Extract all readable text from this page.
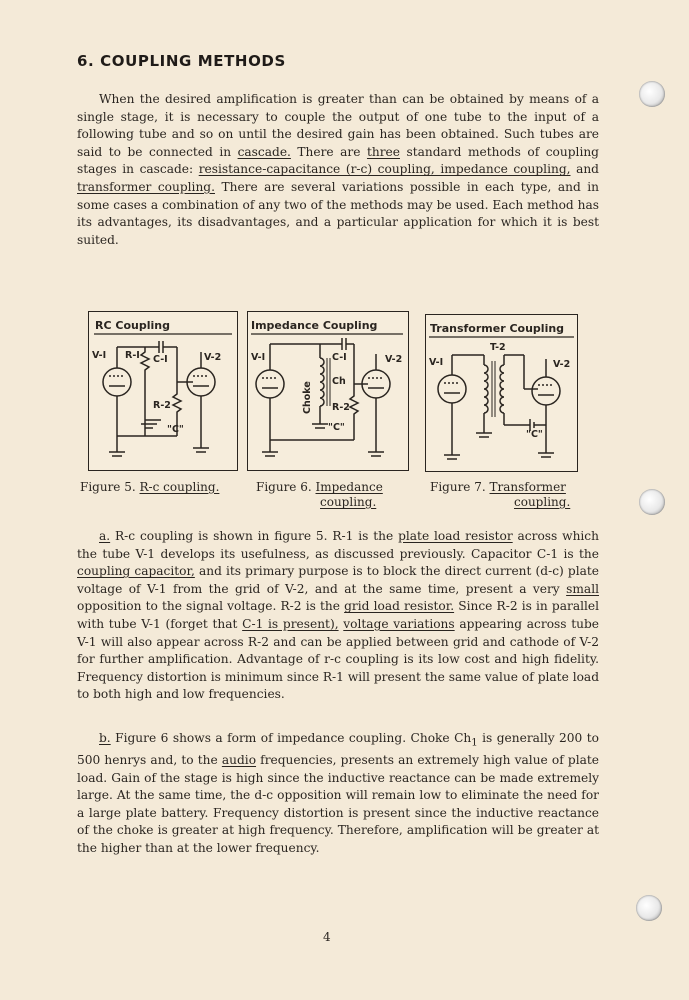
6. COUPLING METHODS

When the desired amplification is greater than can be obtained by means of a single stage, it is necessary to couple the output of one tube to the input of a following tube and so on until the desired gain has been obtained. Such tubes are said to be connected in cascade. There are three standard methods of coupling stages in cascade: resistance-capacitance (r-c) coupling, impedance coupling, and transformer coupling. There are several variations possible in each type, and in some cases a combination of any two of the methods may be used. Each method has its advantages, its disadvantages, and a particular application for which it is best suited.

RC Coupling
V-I R-I C-I	V-2
R-2
"C"

Figure 5. R-c coupling.

Impedance Coupling
V-I	C-I	V-2
Ch
R-2
"C"
Choke

Figure 6. Impedance
coupling.

Transformer Coupling
T-2
V-I	V-2
"C"

Figure 7. Transformer
coupling.

a. R-c coupling is shown in figure 5. R-1 is the plate load resistor across which the tube V-1 develops its usefulness, as discussed previously. Capacitor C-1 is the coupling capacitor, and its primary purpose is to block the direct current (d-c) plate voltage of V-1 from the grid of V-2, and at the same time, present a very small opposition to the signal voltage. R-2 is the grid load resistor. Since R-2 is in parallel with tube V-1 (forget that C-1 is present), voltage variations appearing across tube V-1 will also appear across R-2 and can be applied between grid and cathode of V-2 for further amplification. Advantage of r-c coupling is its low cost and high fidelity. Frequency distortion is minimum since R-1 will present the same value of plate load to both high and low frequencies.

b. Figure 6 shows a form of impedance coupling. Choke $Ch_1$ is generally 200 to 500 henrys and, to the audio frequencies, presents an extremely high value of plate load. Gain of the stage is high since the inductive reactance can be made extremely large. At the same time, the d-c opposition will remain low to eliminate the need for a large plate battery. Frequency distortion is present since the inductive reactance of the choke is greater at high frequency. Therefore, amplification will be greater at the higher than at the lower frequency.

4
